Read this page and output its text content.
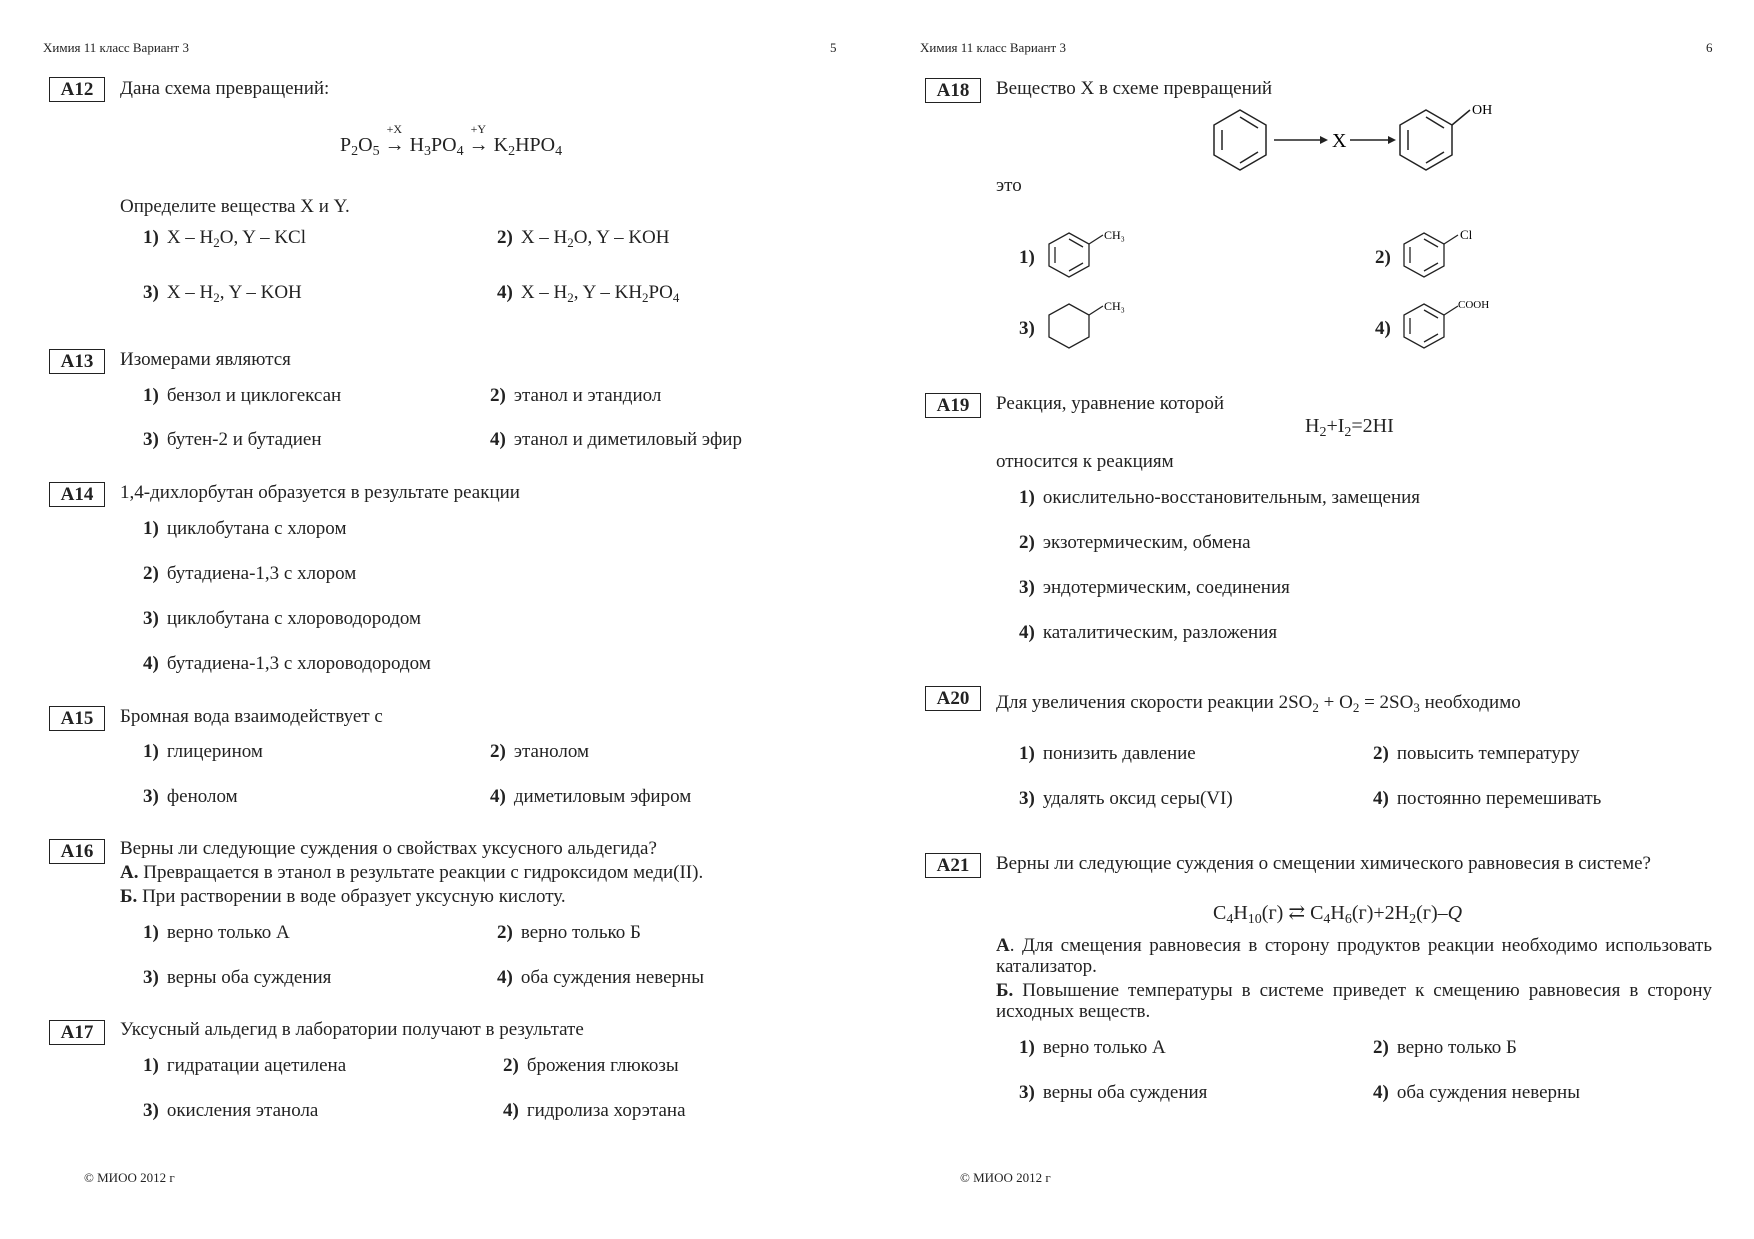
Химия 11 класс Вариант 3	5
А12	Дана схема превращений:
$P_2O_5$ →
+X
$H_3PO_4$ →
+Y
$K_2HPO_4$
Определите вещества X и Y.
1) X – $H_2O$, Y – KCl	2) X – $H_2O$, Y – KOH
3) X – $H_2$, Y – KOH	4) X – $H_2$, Y – $KH_2PO_4$
А13	Изомерами являются
1) бензол и циклогексан	2) этанол и этандиол
3) бутен-2 и бутадиен	4) этанол и диметиловый эфир
А14	1,4-дихлорбутан образуется в результате реакции
1) циклобутана с хлором
2) бутадиена-1,3 с хлором
3) циклобутана с хлороводородом
4) бутадиена-1,3 с хлороводородом
А15	Бромная вода взаимодействует с
1) глицерином	2) этанолом
3) фенолом	4) диметиловым эфиром
А16	Верны ли следующие суждения о свойствах уксусного альдегида?
А. Превращается в этанол в результате реакции с гидроксидом меди(II).
Б. При растворении в воде образует уксусную кислоту.
1) верно только А	2) верно только Б
3) верны оба суждения	4) оба суждения неверны
А17	Уксусный альдегид в лаборатории получают в результате
1) гидратации ацетилена	2) брожения глюкозы
3) окисления этанола	4) гидролиза хорэтана
© МИОО 2012 г
Химия 11 класс Вариант 3	6
А18	Вещество X в схеме превращений
X
OH
это
1)
CH₃
2)
Cl
3)
CH₃
4)
COOH
А19	Реакция, уравнение которой
$H_2+I_2=2HI$
относится к реакциям
1) окислительно-восстановительным, замещения
2) экзотермическим, обмена
3) эндотермическим, соединения
4) каталитическим, разложения
А20	Для увеличения скорости реакции $2SO_2 + O_2 = 2SO_3$ необходимо
1) понизить давление	2) повысить температуру
3) удалять оксид серы(VI)	4) постоянно перемешивать
А21	Верны ли следующие суждения о смещении химического равновесия в системе?
$C_4H_{10}(г)$ ⇄ $C_4H_6(г)+2H_2(г)-Q$
А. Для смещения равновесия в сторону продуктов реакции необходимо использовать катализатор.
Б. Повышение температуры в системе приведет к смещению равновесия в сторону исходных веществ.
1) верно только А	2) верно только Б
3) верны оба суждения	4) оба суждения неверны
© МИОО 2012 г
